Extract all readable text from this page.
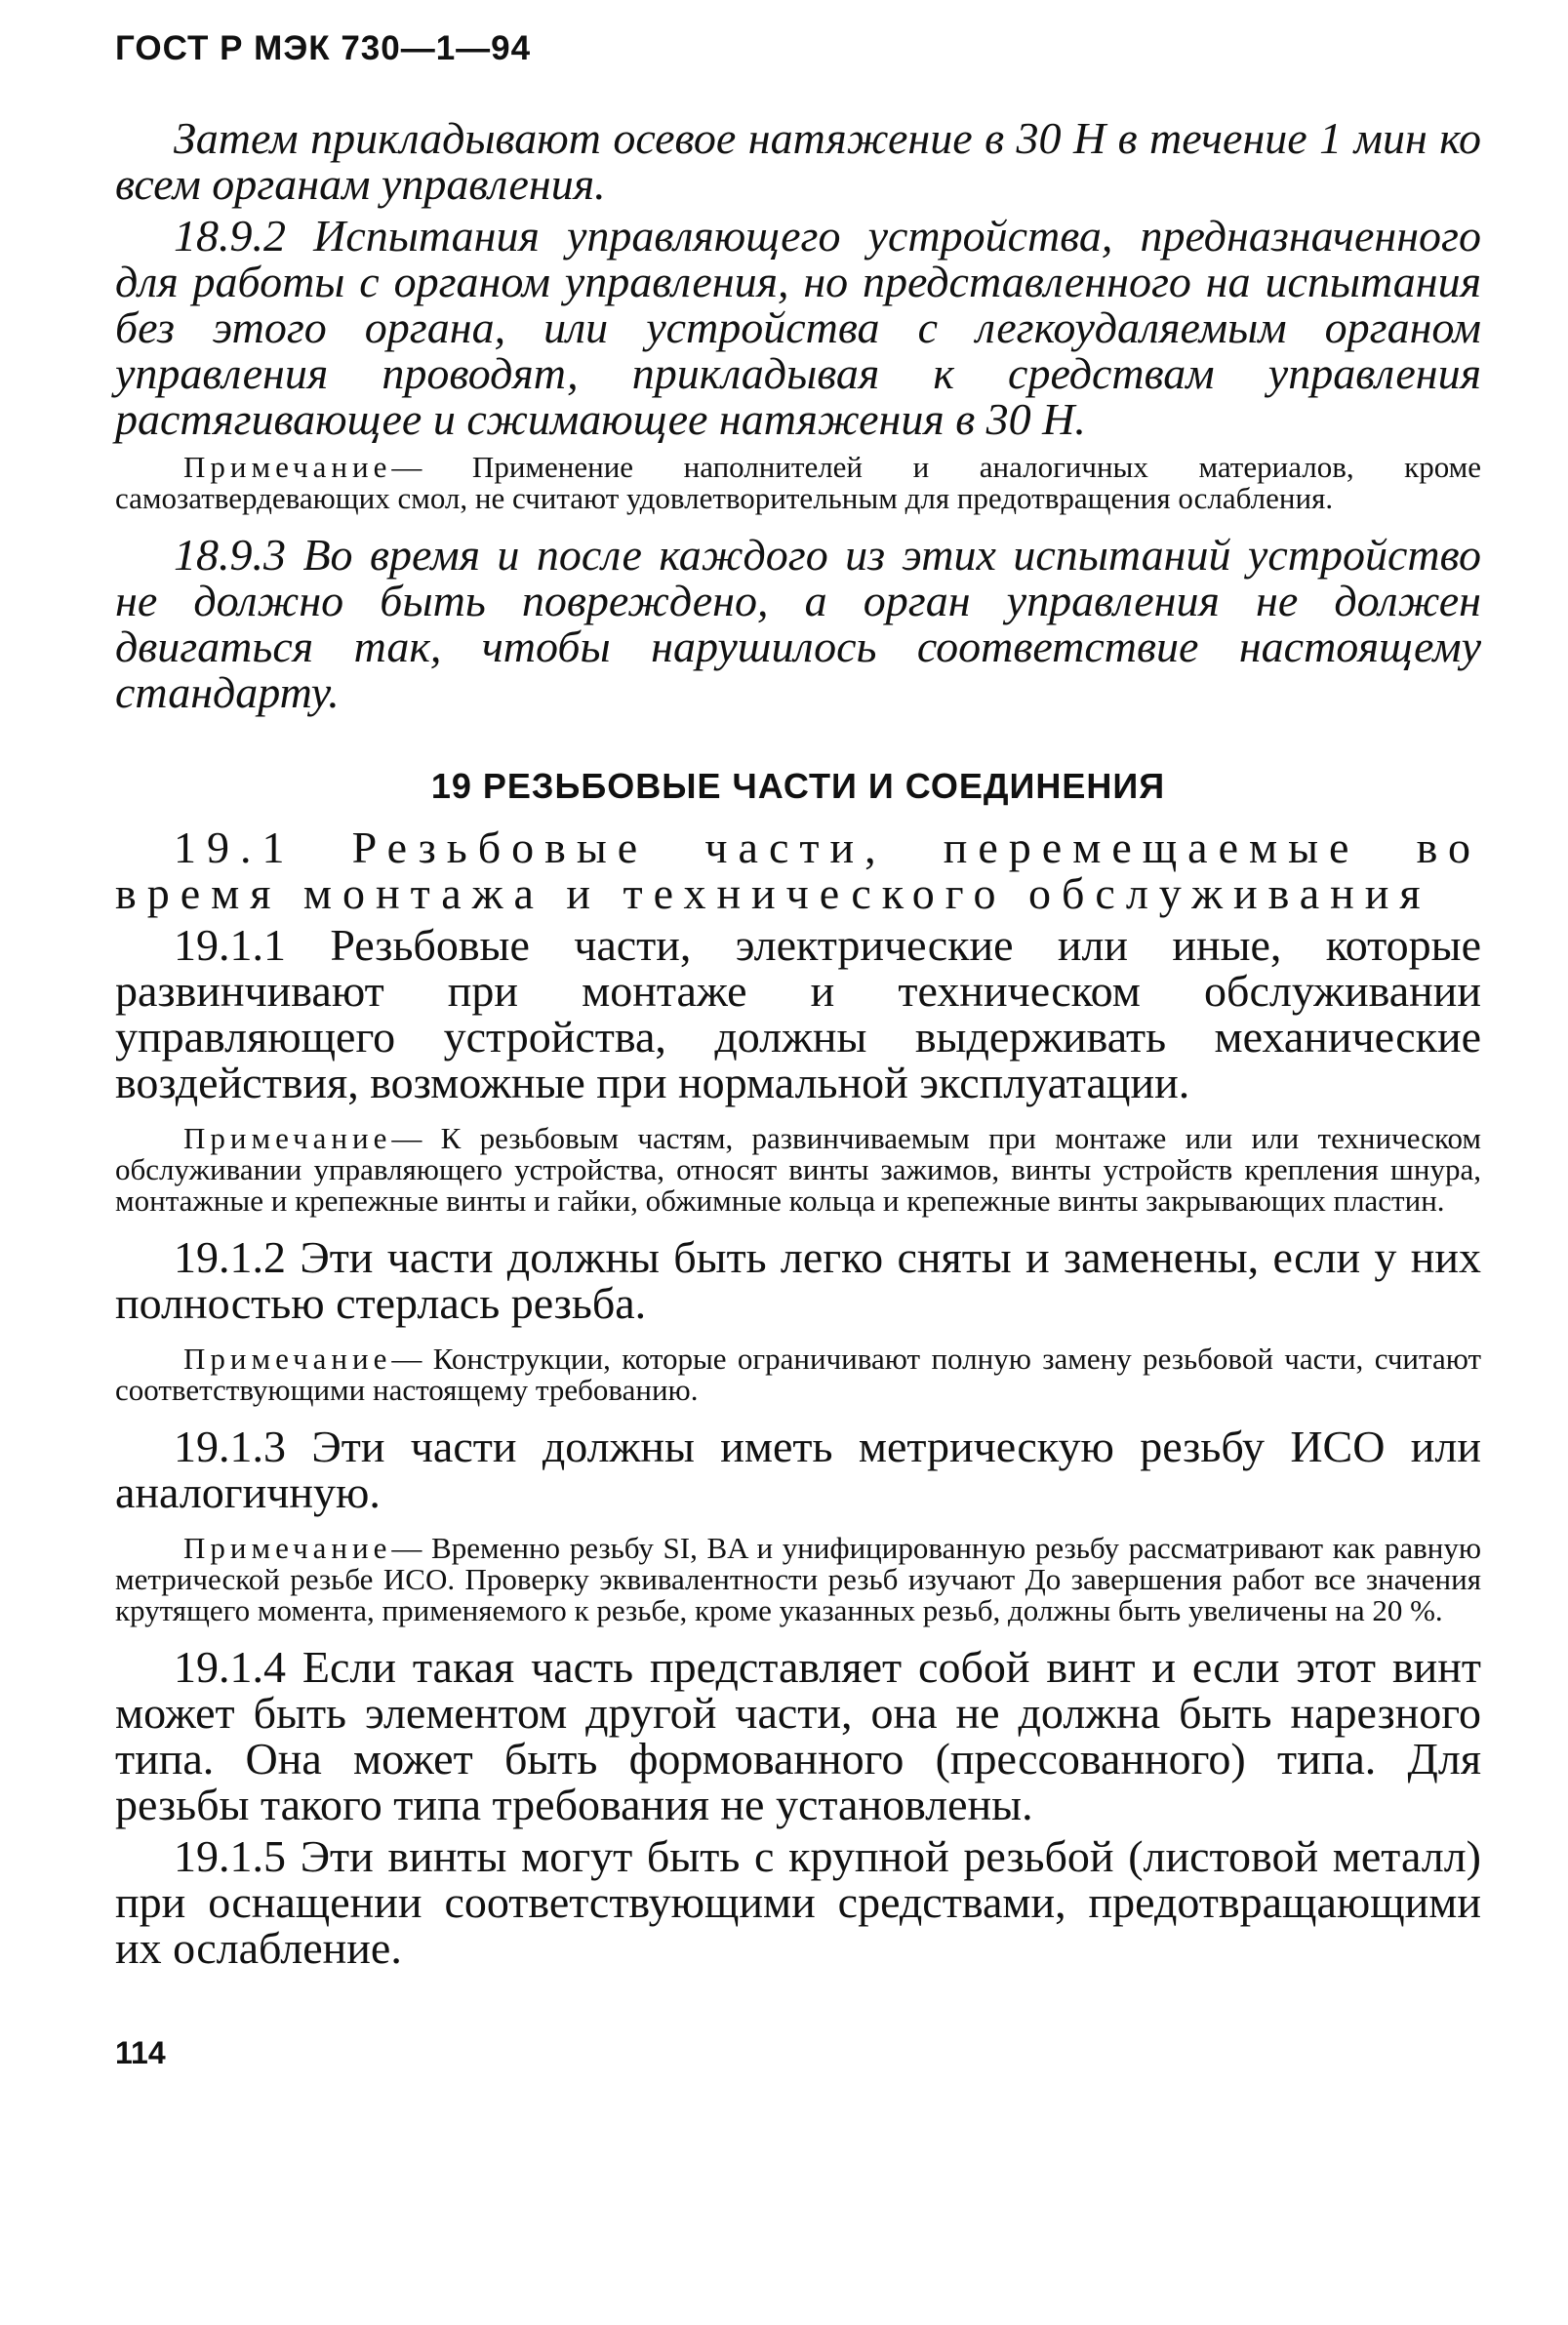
ГОСТ Р МЭК 730—1—94

Затем прикладывают осевое натяжение в 30 Н в течение 1 мин ко всем органам управления.

18.9.2 Испытания управляющего устройства, предназначенного для работы с органом управления, но представленного на испытания без этого органа, или устройства с легкоудаляемым органом управления проводят, прикладывая к средствам управления растягивающее и сжимающее натяжения в 30 Н.

Примечание— Применение наполнителей и аналогичных материалов, кроме самозатвердевающих смол, не считают удовлетворительным для предотвращения ослабления.

18.9.3 Во время и после каждого из этих испытаний устройство не должно быть повреждено, а орган управления не должен двигаться так, чтобы нарушилось соответствие настоящему стандарту.

19 РЕЗЬБОВЫЕ ЧАСТИ И СОЕДИНЕНИЯ

19.1 Резьбовые части, перемещаемые во время монтажа и технического обслуживания

19.1.1 Резьбовые части, электрические или иные, которые развинчивают при монтаже и техническом обслуживании управляющего устройства, должны выдерживать механические воздействия, возможные при нормальной эксплуатации.

Примечание— К резьбовым частям, развинчиваемым при монтаже или или техническом обслуживании управляющего устройства, относят винты зажимов, винты устройств крепления шнура, монтажные и крепежные винты и гайки, обжимные кольца и крепежные винты закрывающих пластин.

19.1.2 Эти части должны быть легко сняты и заменены, если у них полностью стерлась резьба.

Примечание— Конструкции, которые ограничивают полную замену резьбовой части, считают соответствующими настоящему требованию.

19.1.3 Эти части должны иметь метрическую резьбу ИСО или аналогичную.

Примечание— Временно резьбу SI, BA и унифицированную резьбу рассматривают как равную метрической резьбе ИСО. Проверку эквивалентности резьб изучают До завершения работ все значения крутящего момента, применяемого к резьбе, кроме указанных резьб, должны быть увеличены на 20 %.

19.1.4 Если такая часть представляет собой винт и если этот винт может быть элементом другой части, она не должна быть нарезного типа. Она может быть формованного (прессованного) типа. Для резьбы такого типа требования не установлены.

19.1.5 Эти винты могут быть с крупной резьбой (листовой металл) при оснащении соответствующими средствами, предотвращающими их ослабление.

114
